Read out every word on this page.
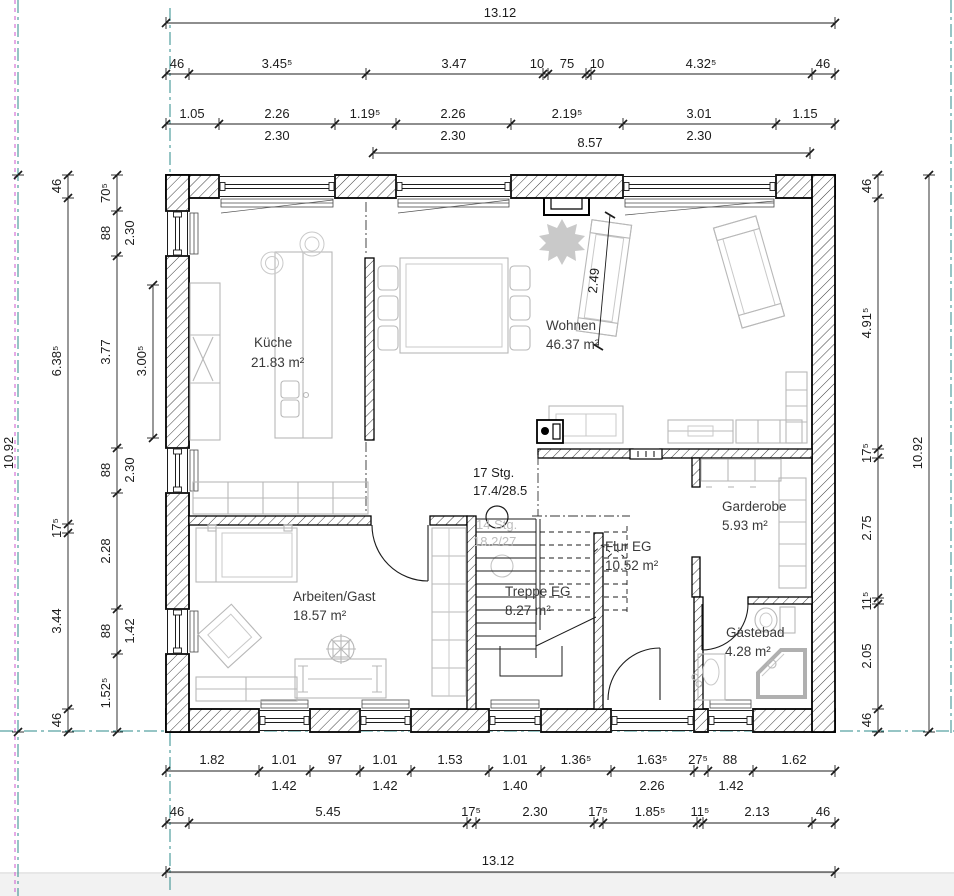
2.49
13.12
46	3.45⁵	3.47	10 75 10	4.32⁵	46
1.05	2.26	1.19⁵	2.26	2.19⁵	3.01	1.15
2.30	2.30	2.30
8.57
1.82	1.01 97 1.01	1.53	1.01	1.36⁵	1.63⁵ 27⁵ 88	1.62
1.42	1.42	1.40	2.26	1.42
46	5.45	17⁵	2.30	17⁵ 1.85⁵ 11⁵	2.13	46
13.12
10.92
46
6.38⁵
17⁵
3.44
46
70⁵
88
3.77
88
2.28
88
1.52⁵
2.30
2.30
1.42
3.00⁵
46
4.91⁵
17⁵
2.75
11⁵
2.05
46
10.92
Küche
21.83 m²
Wohnen
46.37 m²
Arbeiten/Gast
18.57 m²
Treppe EG
8.27 m²
Flur EG
10.52 m²
Garderobe
5.93 m²
Gästebad
4.28 m²
17 Stg.
17.4/28.5
14 Stg.
18.2/27
